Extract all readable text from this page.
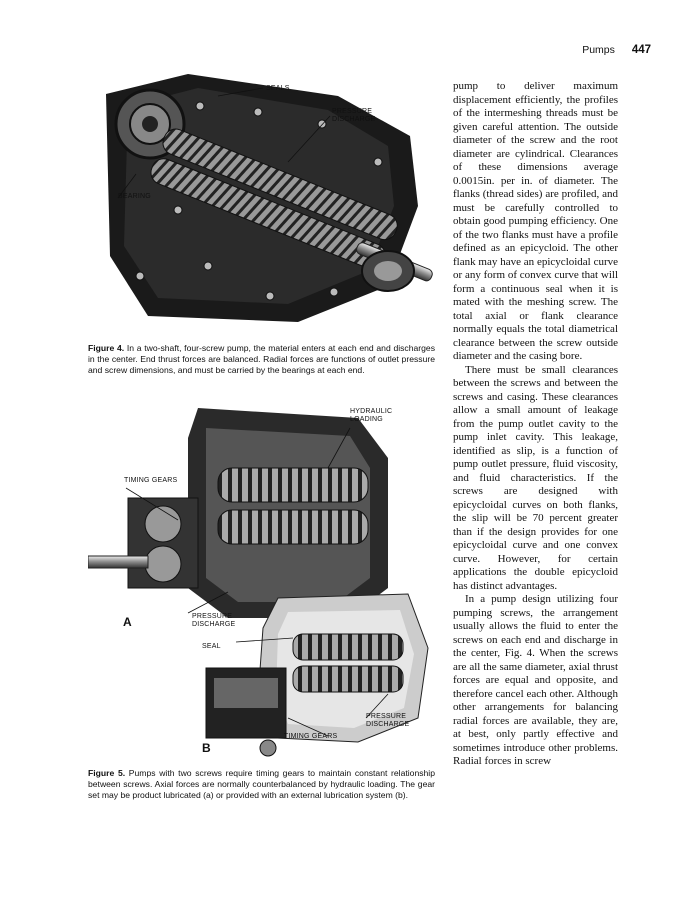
Pumps 447
SEALS
PRESSURE
DISCHARGE
BEARING
Figure 4. In a two-shaft, four-screw pump, the material enters at each end and discharges in the center. End thrust forces are balanced. Radial forces are functions of outlet pressure and screw dimensions, and must be carried by the bearings at each end.
HYDRAULIC
LOADING
TIMING GEARS
A	PRESSURE
DISCHARGE
SEAL
PRESSURE
DISCHARGE
TIMING GEARS
B
Figure 5. Pumps with two screws require timing gears to maintain constant relationship between screws. Axial forces are normally counterbalanced by hydraulic loading. The gear set may be product lubricated (a) or provided with an external lubrication system (b).

pump to deliver maximum displacement efficiently, the profiles of the intermeshing threads must be given careful attention. The outside diameter of the screw and the root diameter are cylindrical. Clearances of these dimensions average 0.0015in. per in. of diameter. The flanks (thread sides) are profiled, and must be carefully controlled to obtain good pumping efficiency. One of the two flanks must have a profile defined as an epicycloid. The other flank may have an epicycloidal curve or any form of convex curve that will form a continuous seal when it is mated with the meshing screw. The total axial or flank clearance normally equals the total diametrical clearance between the screw outside diameter and the casing bore.

There must be small clearances between the screws and between the screws and casing. These clearances allow a small amount of leakage from the pump outlet cavity to the pump inlet cavity. This leakage, identified as slip, is a function of pump outlet pressure, fluid viscosity, and fluid characteristics. If the screws are designed with epicycloidal curves on both flanks, the slip will be 70 percent greater than if the design provides for one epicycloidal curve and one convex curve. However, for certain applications the double epicycloid has distinct advantages.

In a pump design utilizing four pumping screws, the arrangement usually allows the fluid to enter the screws on each end and discharge in the center, Fig. 4. When the screws are all the same diameter, axial thrust forces are equal and opposite, and therefore cancel each other. Although other arrangements for balancing radial forces are available, they are, at best, only partly effective and sometimes introduce other problems. Radial forces in screw
